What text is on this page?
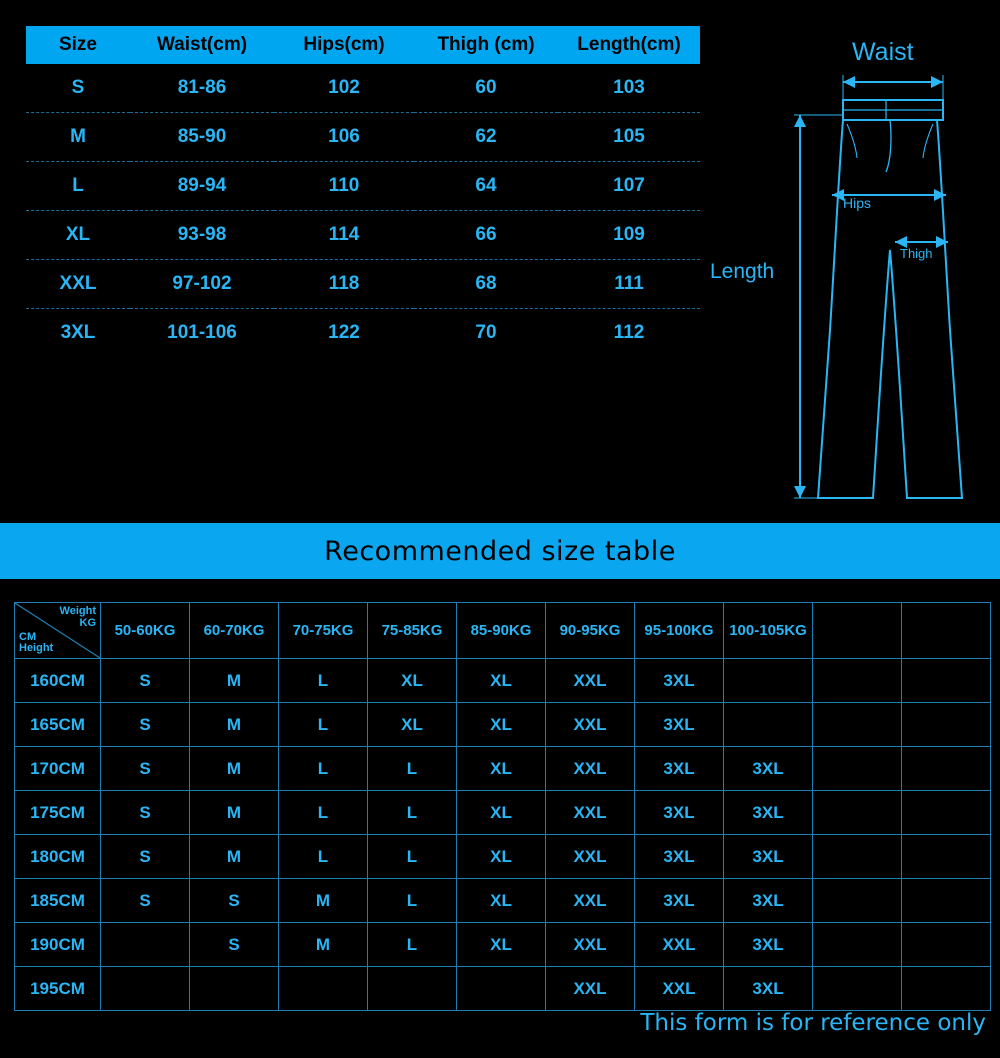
Size	Waist(cm)	Hips(cm)	Thigh (cm)	Length(cm)
S	81-86	102	60	103
M	85-90	106	62	105
L	89-94	110	64	107
XL	93-98	114	66	109
XXL	97-102	118	68	111
3XL	101-106	122	70	112
Waist
Hips
Thigh
Length
Recommended size table
Weight
KG
CM
Height	50-60KG	60-70KG	70-75KG	75-85KG	85-90KG	90-95KG	95-100KG	100-105KG		
160CM	S	M	L	XL	XL	XXL	3XL			
165CM	S	M	L	XL	XL	XXL	3XL			
170CM	S	M	L	L	XL	XXL	3XL	3XL		
175CM	S	M	L	L	XL	XXL	3XL	3XL		
180CM	S	M	L	L	XL	XXL	3XL	3XL		
185CM	S	S	M	L	XL	XXL	3XL	3XL		
190CM		S	M	L	XL	XXL	XXL	3XL		
195CM						XXL	XXL	3XL		
This form is for reference only
